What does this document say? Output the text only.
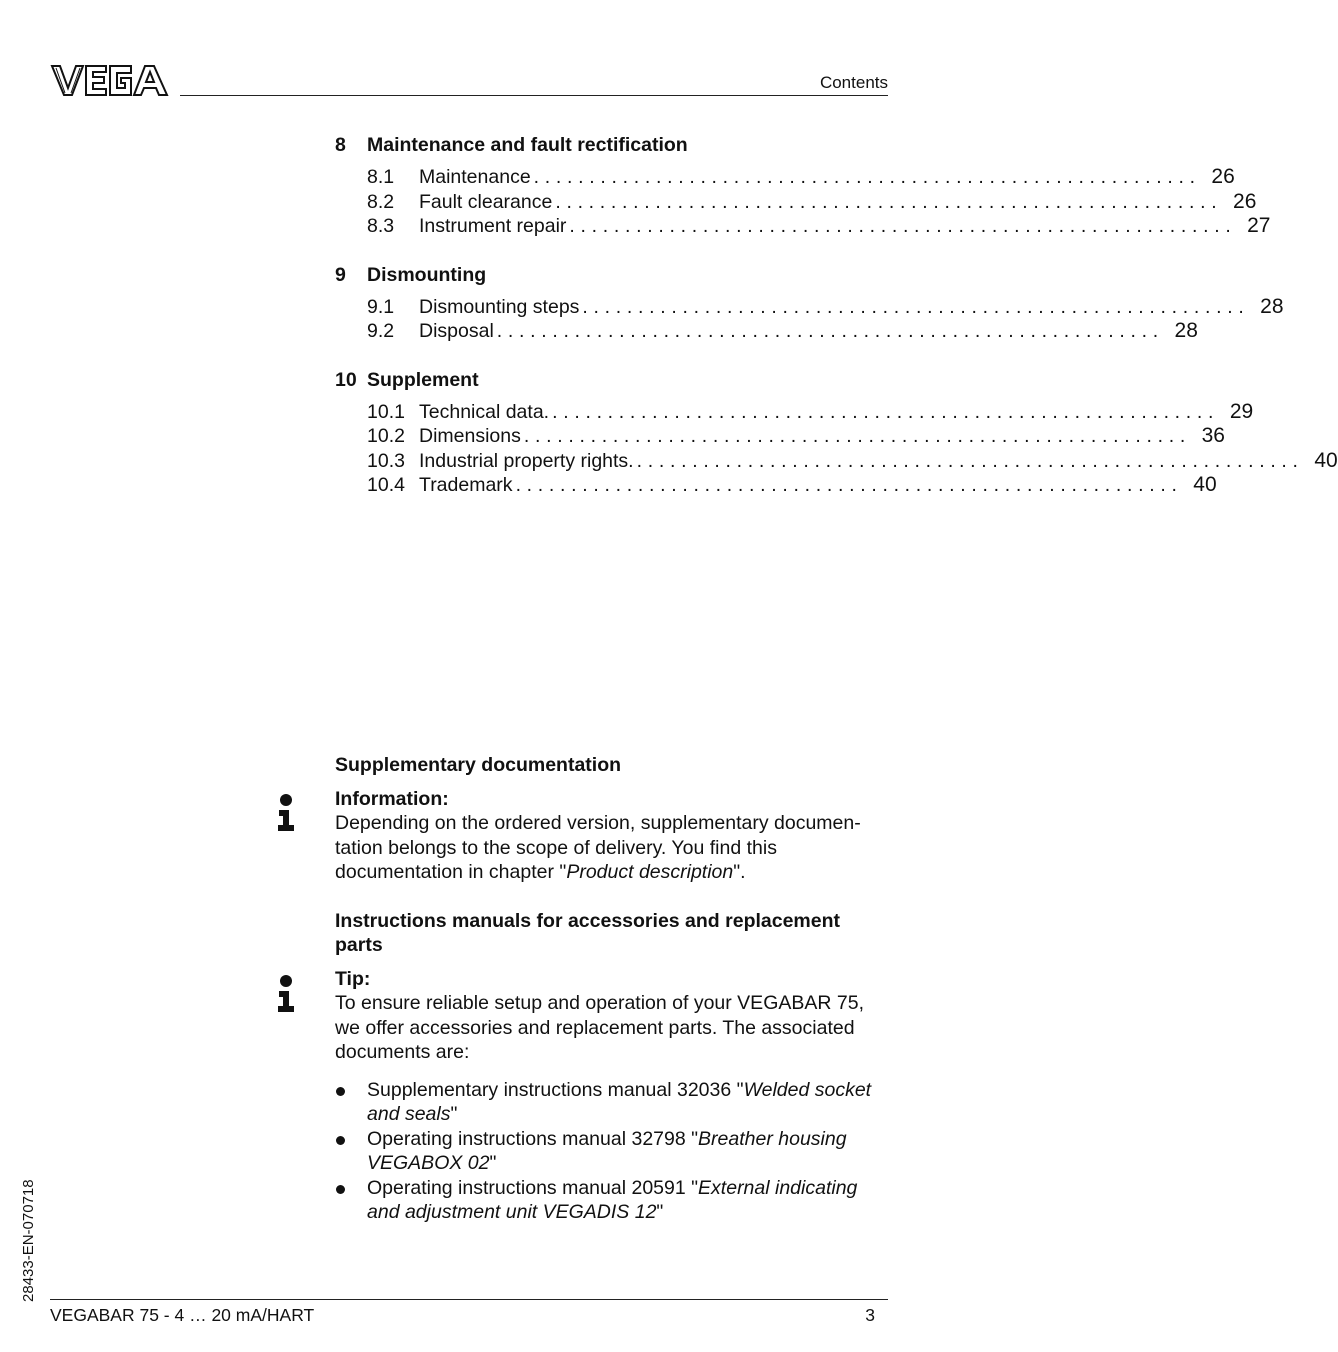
VEGA
Contents
8	Maintenance and fault rectification
8.1	Maintenance ............................................................ 26
8.2	Fault clearance ............................................................ 26
8.3	Instrument repair ............................................................ 27
9	Dismounting
9.1	Dismounting steps ............................................................ 28
9.2	Disposal ............................................................ 28
10 Supplement
10.1 Technical data. ............................................................ 29
10.2 Dimensions ............................................................ 36
10.3 Industrial property rights. ............................................................ 40
10.4 Trademark ............................................................ 40

Supplementary documentation

Information:

Depending on the ordered version, supplementary documen-
tation belongs to the scope of delivery. You find this
documentation in chapter "Product description".

Instructions manuals for accessories and replacement
parts

Tip:

To ensure reliable setup and operation of your VEGABAR 75,
we offer accessories and replacement parts. The associated
documents are:

Supplementary instructions manual 32036 "Welded socket
and seals"
Operating instructions manual 32798 "Breather housing
VEGABOX 02"
Operating instructions manual 20591 "External indicating
and adjustment unit VEGADIS 12"
28433-EN-070718
VEGABAR 75 - 4 … 20 mA/HART	3
